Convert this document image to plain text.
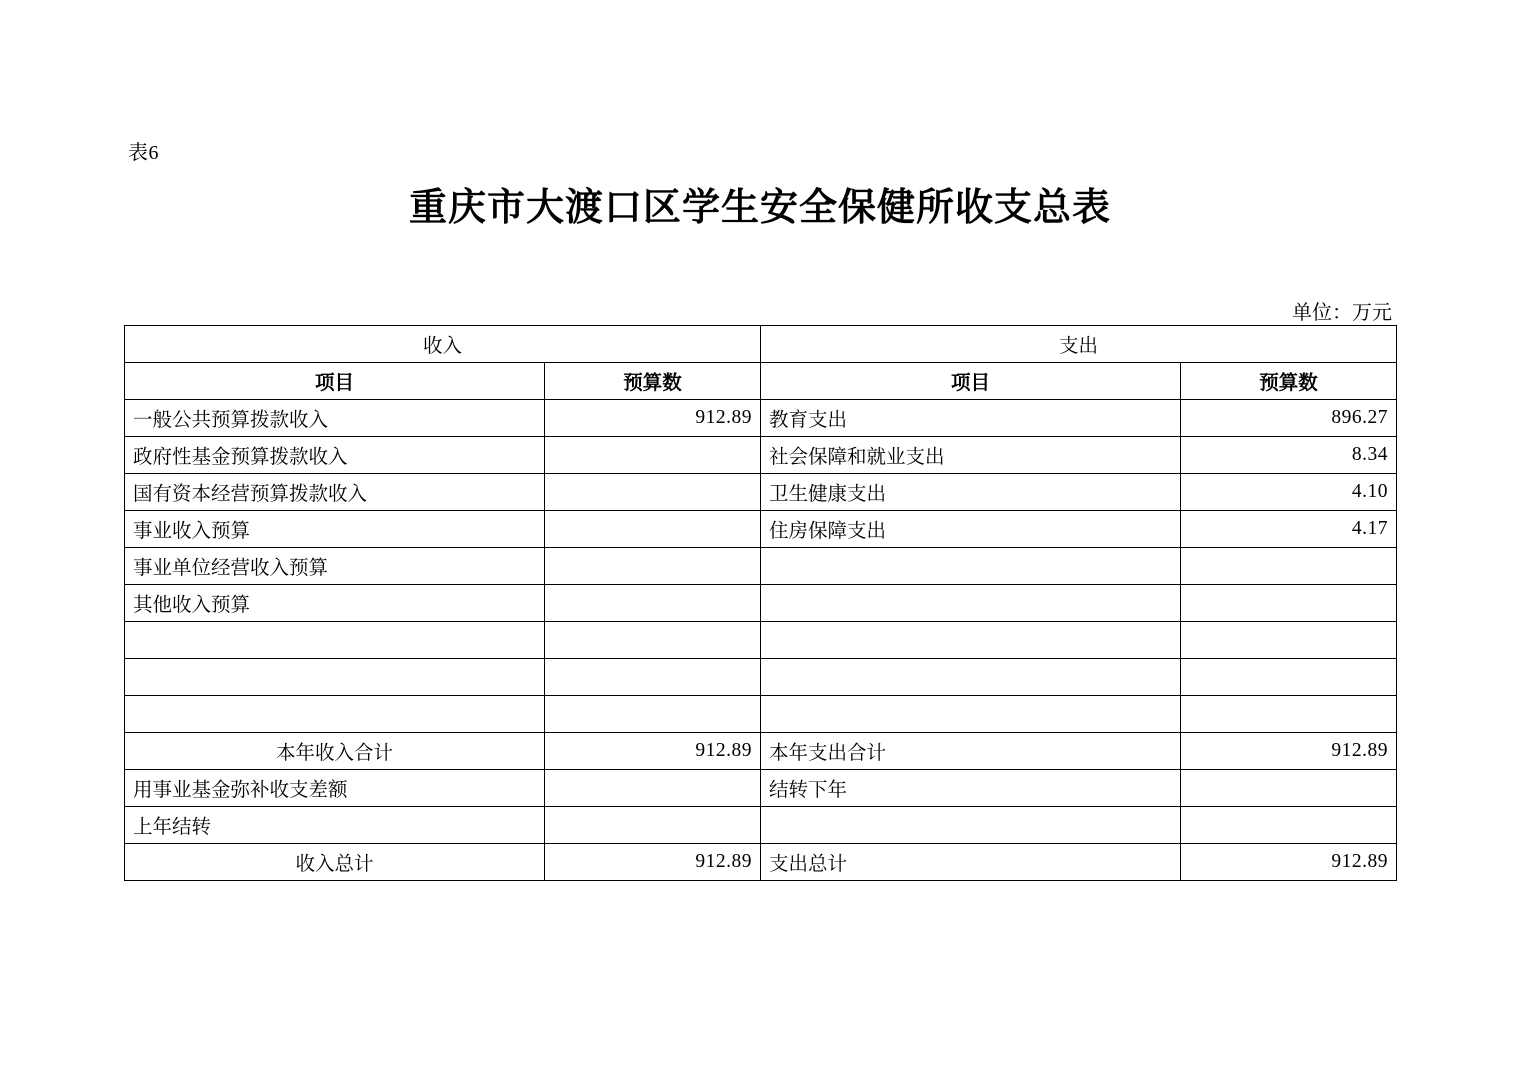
表6
重庆市大渡口区学生安全保健所收支总表
单位：万元
收入		支出	
项目	预算数	项目	预算数
一般公共预算拨款收入	912.89	教育支出	896.27
政府性基金预算拨款收入		社会保障和就业支出	8.34
国有资本经营预算拨款收入		卫生健康支出	4.10
事业收入预算		住房保障支出	4.17
事业单位经营收入预算			
其他收入预算			

本年收入合计	912.89	本年支出合计	912.89
用事业基金弥补收支差额		结转下年	
上年结转			
收入总计	912.89	支出总计	912.89
